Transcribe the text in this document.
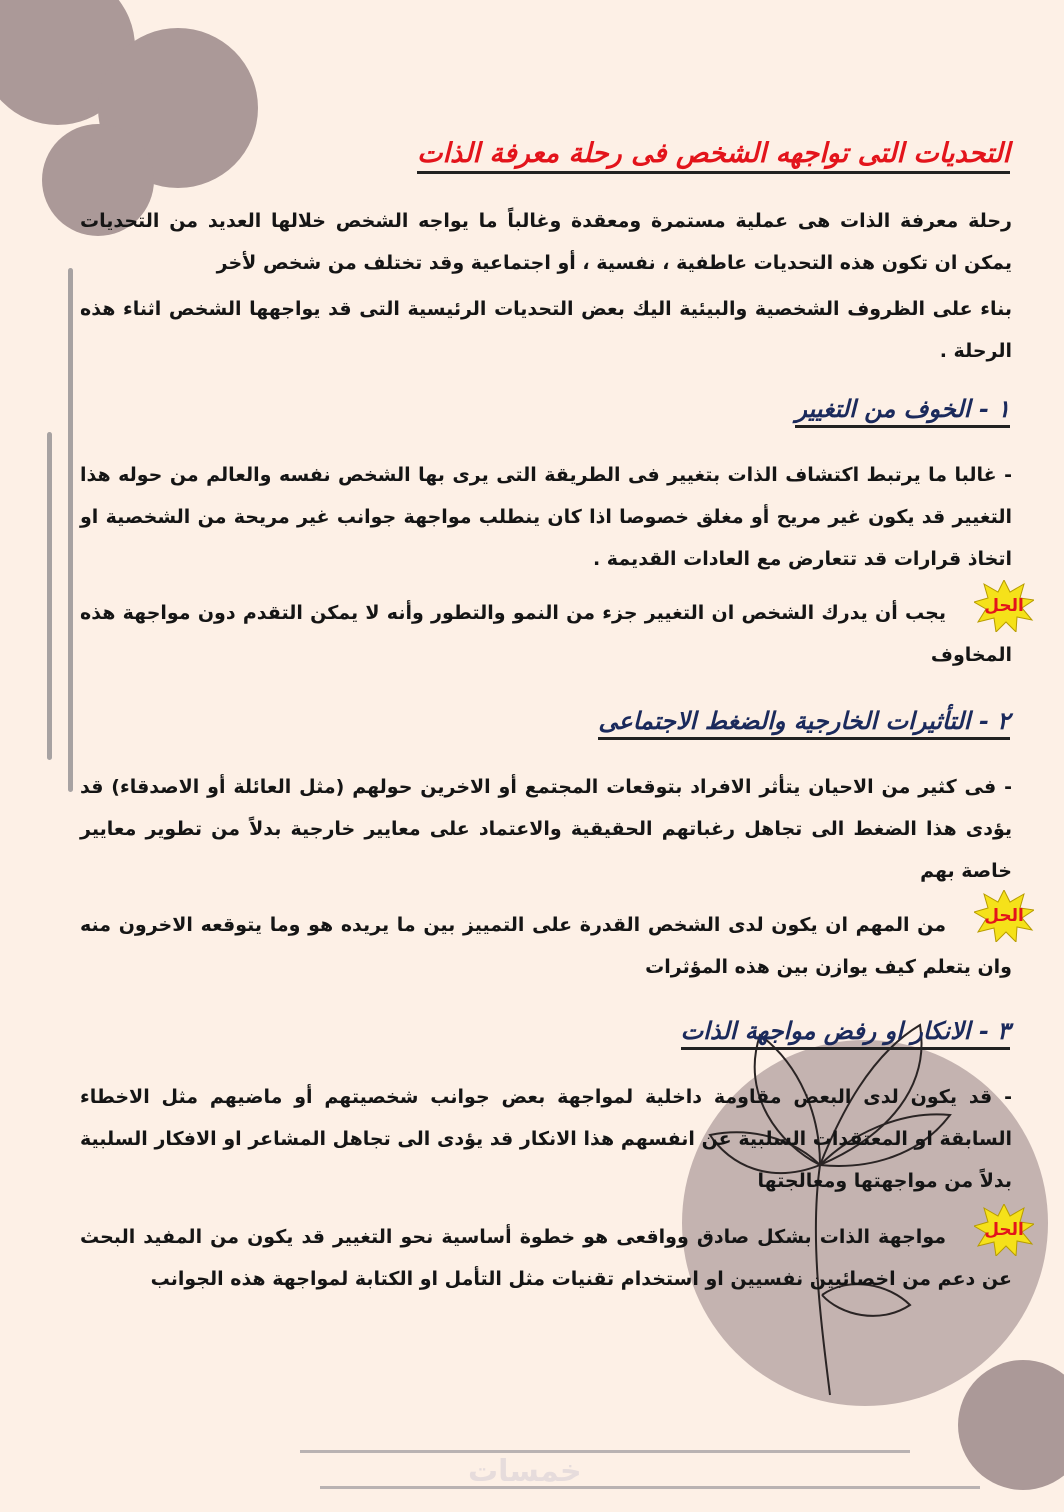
خمسات
التحديات التى تواجهه الشخص فى رحلة معرفة الذات
رحلة معرفة الذات هى عملية مستمرة ومعقدة وغالباً ما يواجه الشخص خلالها العديد من التحديات يمكن ان تكون هذه التحديات عاطفية ، نفسية ، أو اجتماعية وقد تختلف من شخص لأخر
بناء على الظروف الشخصية والبيئية اليك بعض التحديات الرئيسية التى قد يواجهها الشخص اثناء هذه الرحلة .
١ - الخوف من التغيير
- غالبا ما يرتبط اكتشاف الذات بتغيير فى الطريقة التى يرى بها الشخص نفسه والعالم من حوله هذا التغيير قد يكون غير مريح أو مغلق خصوصا اذا كان ينطلب مواجهة جوانب غير مريحة من الشخصية او اتخاذ قرارات قد تتعارض مع العادات القديمة .
الحل
يجب أن يدرك الشخص ان التغيير جزء من النمو والتطور وأنه لا يمكن التقدم دون مواجهة هذه المخاوف
٢ - التأثيرات الخارجية والضغط الاجتماعى
- فى كثير من الاحيان يتأثر الافراد بتوقعات المجتمع أو الاخرين حولهم (مثل العائلة أو الاصدقاء) قد يؤدى هذا الضغط الى تجاهل رغباتهم الحقيقية والاعتماد على معايير خارجية بدلاً من تطوير معايير خاصة بهم
الحل
من المهم ان يكون لدى الشخص القدرة على التمييز بين ما يريده هو وما يتوقعه الاخرون منه وان يتعلم كيف يوازن بين هذه المؤثرات
٣ - الانكار او رفض مواجهة الذات
- قد يكون لدى البعض مقاومة داخلية لمواجهة بعض جوانب شخصيتهم أو ماضيهم مثل الاخطاء السابقة او المعتقدات السلبية عن انفسهم هذا الانكار قد يؤدى الى تجاهل المشاعر او الافكار السلبية بدلاً من مواجهتها ومعالجتها
الحل
مواجهة الذات بشكل صادق وواقعى هو خطوة أساسية نحو التغيير قد يكون من المفيد البحث عن دعم من اخصائيين نفسيين او استخدام تقنيات مثل التأمل او الكتابة لمواجهة هذه الجوانب
